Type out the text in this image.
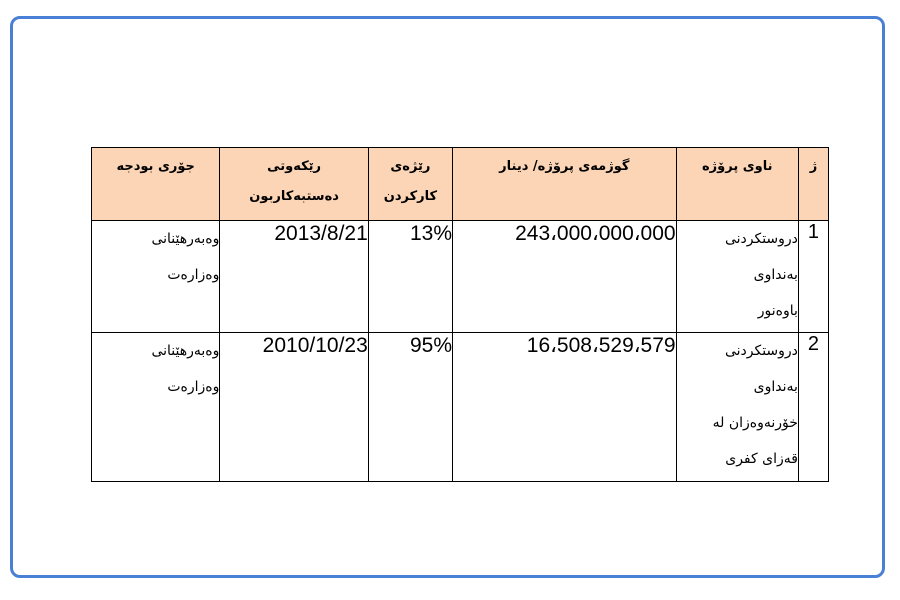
ژ	ناوی پرۆژە	گوژمەی پرۆژە/ دینار	رێژەی
کارکردن	رێکەوتی
دەستبەکاربون	جۆری بودجە
1	دروستکردنی
بەنداوی
باوەنور	243،000،000،000	13%	2013/8/21	وەبەرهێنانی
وەزارەت

2	دروستکردنی
بەنداوی
خۆرنەوەزان لە
قەزای کفری	16،508،529،579	95%	2010/10/23	وەبەرهێنانی
وەزارەت
